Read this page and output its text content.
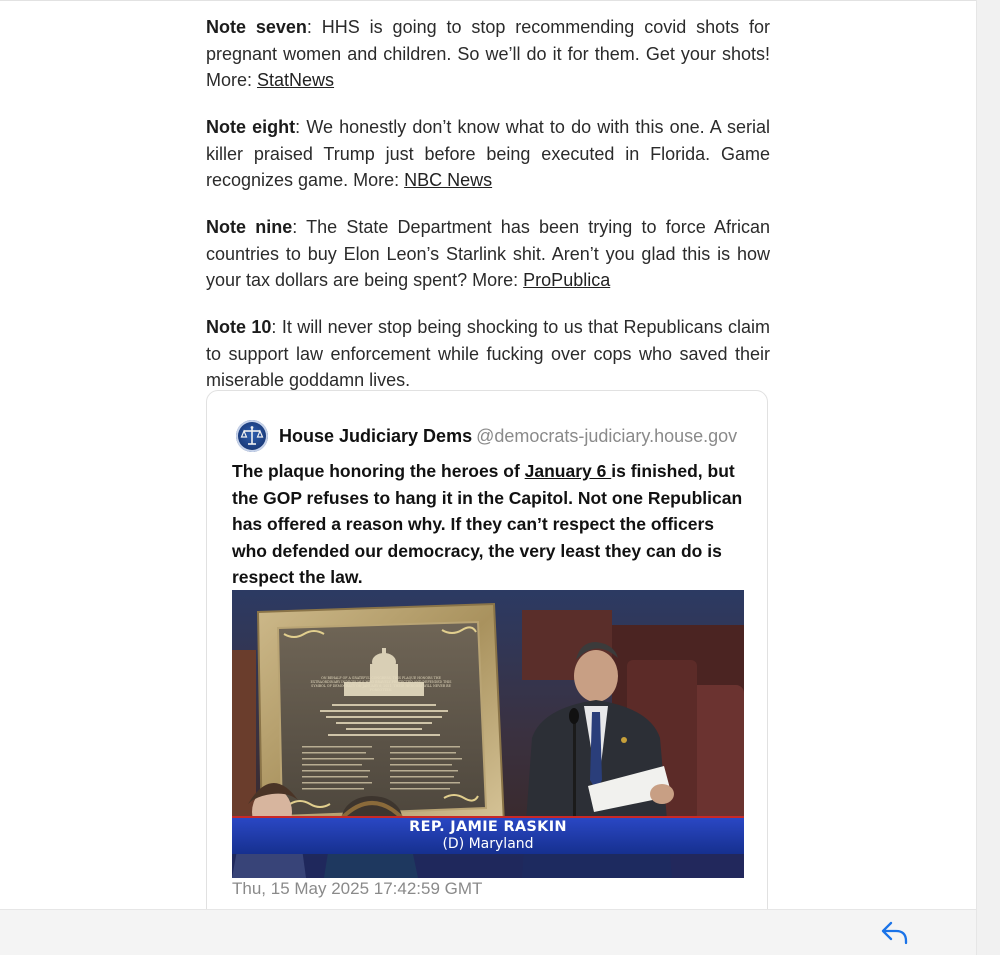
Note seven: HHS is going to stop recommending covid shots for pregnant women and children. So we’ll do it for them. Get your shots! More: StatNews

Note eight: We honestly don’t know what to do with this one. A serial killer praised Trump just before being executed in Florida. Game recognizes game. More: NBC News

Note nine: The State Department has been trying to force African countries to buy Elon Leon’s Starlink shit. Aren’t you glad this is how your tax dollars are being spent? More: ProPublica

Note 10: It will never stop being shocking to us that Republicans claim to support law enforcement while fucking over cops who saved their miserable goddamn lives.

House Judiciary Dems @democrats-judiciary.house.gov
The plaque honoring the heroes of January 6 is finished, but the GOP refuses to hang it in the Capitol. Not one Republican has offered a reason why. If they can’t respect the officers who defended our democracy, the very least they can do is respect the law.
REP. JAMIE RASKIN
(D) Maryland
ON BEHALF OF A GRATEFUL CONGRESS, THIS PLAQUE HONORS THE EXTRAORDINARY INDIVIDUALS WHO BRAVELY PROTECTED AND DEFENDED THIS SYMBOL OF DEMOCRACY ON JANUARY 6, 2021. THEIR HEROISM WILL NEVER BE FORGOTTEN.
Thu, 15 May 2025 17:42:59 GMT
